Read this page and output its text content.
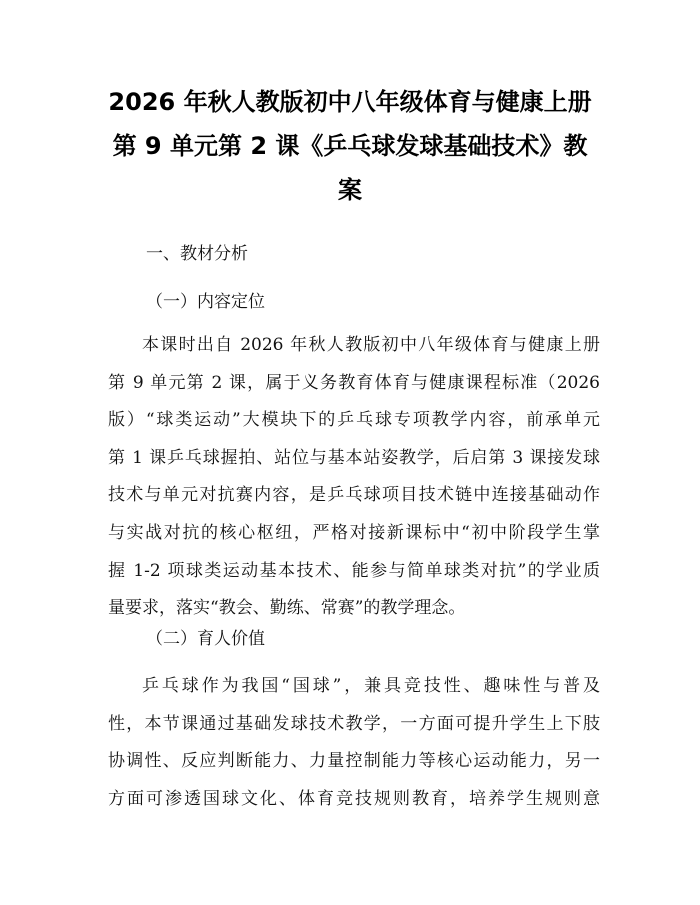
2026 年秋人教版初中八年级体育与健康上册
第 9 单元第 2 课《乒乓球发球基础技术》教
案

一、教材分析

（一）内容定位

本课时出自 2026 年秋人教版初中八年级体育与健康上册
第 9 单元第 2 课，属于义务教育体育与健康课程标准（2026
版）“球类运动”大模块下的乒乓球专项教学内容，前承单元
第 1 课乒乓球握拍、站位与基本站姿教学，后启第 3 课接发球
技术与单元对抗赛内容，是乒乓球项目技术链中连接基础动作
与实战对抗的核心枢纽，严格对接新课标中“初中阶段学生掌
握 1-2 项球类运动基本技术、能参与简单球类对抗”的学业质
量要求，落实“教会、勤练、常赛”的教学理念。

（二）育人价值

乒乓球作为我国“国球”，兼具竞技性、趣味性与普及
性，本节课通过基础发球技术教学，一方面可提升学生上下肢
协调性、反应判断能力、力量控制能力等核心运动能力，另一
方面可渗透国球文化、体育竞技规则教育，培养学生规则意
